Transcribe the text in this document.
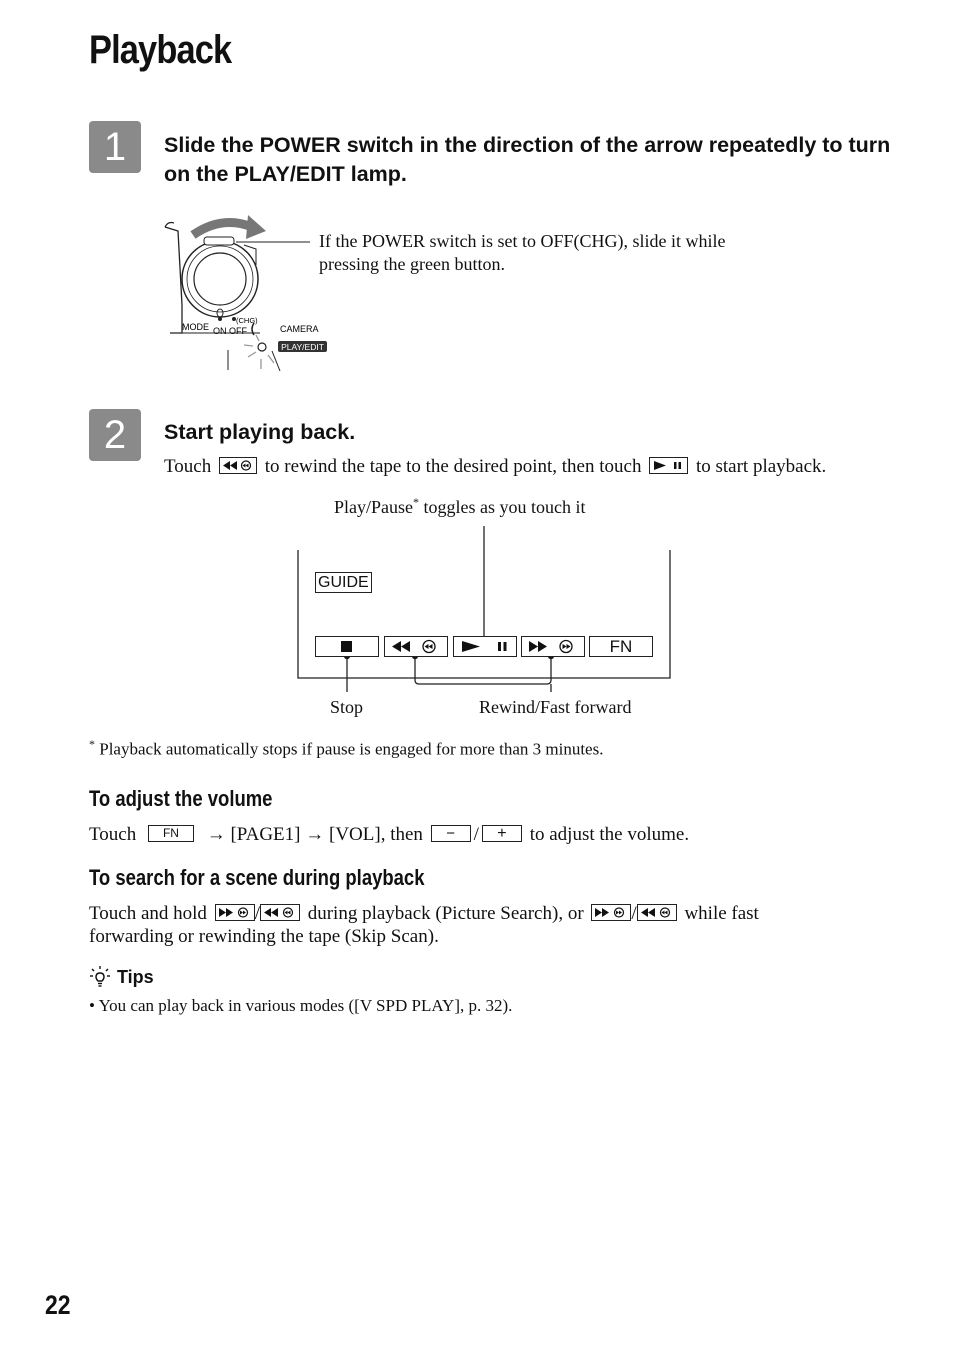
Playback
1	Slide the POWER switch in the direction of the arrow repeatedly to turn on the PLAY/EDIT lamp.
MODE ON OFF
(CHG)
CAMERA
PLAY/EDIT
If the POWER switch is set to OFF(CHG), slide it while pressing the green button.
2	Start playing back.
Touch	to rewind the tape to the desired point, then touch	to start playback.
Play/Pause* toggles as you touch it
GUIDE
FN
Stop	Rewind/Fast forward
* Playback automatically stops if pause is engaged for more than 3 minutes.
To adjust the volume
Touch FN → [PAGE1] → [VOL], then − / + to adjust the volume.
To search for a scene during playback
Touch and hold	/	during playback (Picture Search), or	/	while fast
forwarding or rewinding the tape (Skip Scan).
Tips
• You can play back in various modes ([V SPD PLAY], p. 32).
22
